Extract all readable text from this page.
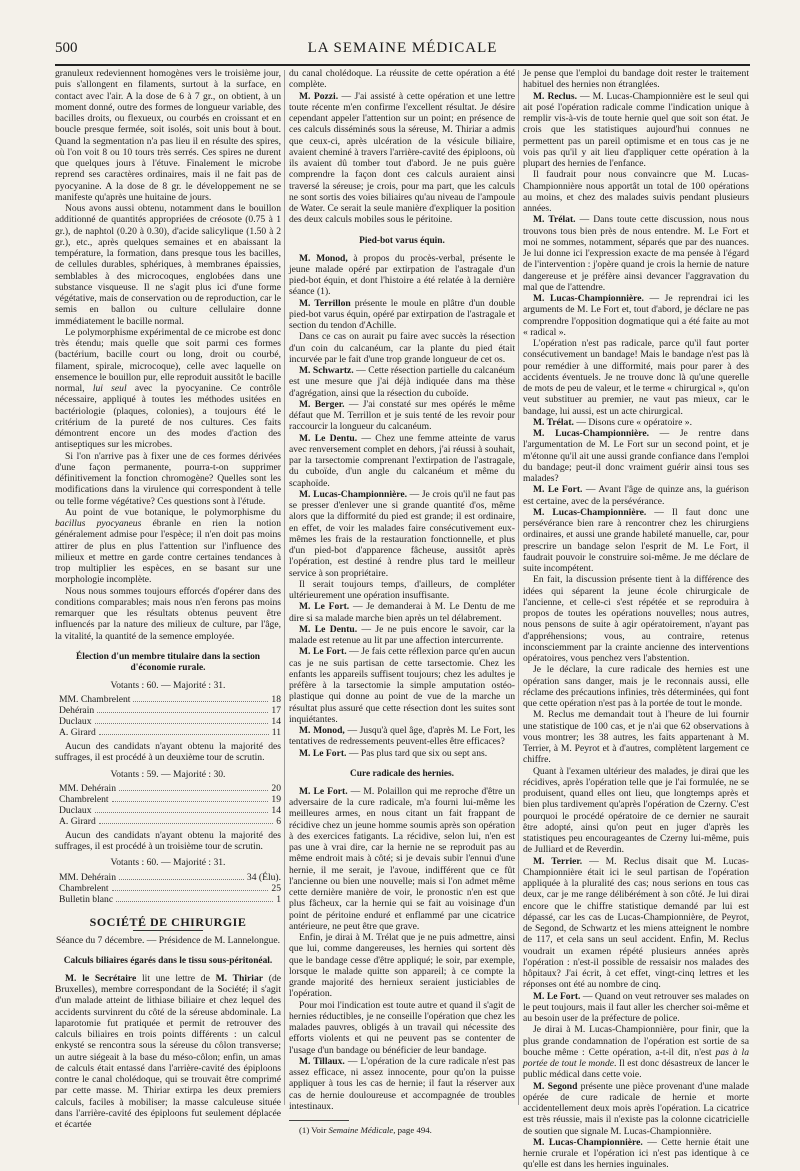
500	LA SEMAINE MÉDICALE

granuleux redeviennent homogènes vers le troisième jour, puis s'allongent en filaments, surtout à la surface, en contact avec l'air. A la dose de 6 à 7 gr., on obtient, à un moment donné, outre des formes de longueur variable, des bacilles droits, ou flexueux, ou courbés en croissant et en boucle presque fermée, soit isolés, soit unis bout à bout. Quand la segmentation n'a pas lieu il en résulte des spires, où l'on voit 8 ou 10 tours très serrés. Ces spires ne durent que quelques jours à l'étuve. Finalement le microbe reprend ses caractères ordinaires, mais il ne fait pas de pyocyanine. A la dose de 8 gr. le développement ne se manifeste qu'après une huitaine de jours.

Nous avons aussi obtenu, notamment dans le bouillon additionné de quantités appropriées de créosote (0.75 à 1 gr.), de naphtol (0.20 à 0.30), d'acide salicylique (1.50 à 2 gr.), etc., après quelques semaines et en abaissant la température, la formation, dans presque tous les bacilles, de cellules durables, sphériques, à membranes épaissies, semblables à des microcoques, englobées dans une substance visqueuse. Il ne s'agit plus ici d'une forme végétative, mais de conservation ou de reproduction, car le semis en ballon ou culture cellulaire donne immédiatement le bacille normal.

Le polymorphisme expérimental de ce microbe est donc très étendu; mais quelle que soit parmi ces formes (bactérium, bacille court ou long, droit ou courbé, filament, spirale, microcoque), celle avec laquelle on ensemence le bouillon pur, elle reproduit aussitôt le bacille normal, lui seul avec la pyocyanine. Ce contrôle nécessaire, appliqué à toutes les méthodes usitées en bactériologie (plaques, colonies), a toujours été le critérium de la pureté de nos cultures. Ces faits démontrent encore un des modes d'action des antiseptiques sur les microbes.

Si l'on n'arrive pas à fixer une de ces formes dérivées d'une façon permanente, pourra-t-on supprimer définitivement la fonction chromogène? Quelles sont les modifications dans la virulence qui correspondent à telle ou telle forme végétative? Ces questions sont à l'étude.

Au point de vue botanique, le polymorphisme du bacillus pyocyaneus ébranle en rien la notion généralement admise pour l'espèce; il n'en doit pas moins attirer de plus en plus l'attention sur l'influence des milieux et mettre en garde contre certaines tendances à trop multiplier les espèces, en se basant sur une morphologie incomplète.

Nous nous sommes toujours efforcés d'opérer dans des conditions comparables; mais nous n'en ferons pas moins remarquer que les résultats obtenus peuvent être influencés par la nature des milieux de culture, par l'âge, la vitalité, la quantité de la semence employée.

Élection d'un membre titulaire dans la section d'économie rurale.
Votants : 60. — Majorité : 31.
MM. Chambrelent	18
Dehérain	17
Duclaux	14
A. Girard	11

Aucun des candidats n'ayant obtenu la majorité des suffrages, il est procédé à un deuxième tour de scrutin.

Votants : 59. — Majorité : 30.
MM. Dehérain	20
Chambrelent	19
Duclaux	14
A. Girard	6

Aucun des candidats n'ayant obtenu la majorité des suffrages, il est procédé à un troisième tour de scrutin.

Votants : 60. — Majorité : 31.
MM. Dehérain	34 (Élu).
Chambrelent	25
Bulletin blanc	1
SOCIÉTÉ DE CHIRURGIE

Séance du 7 décembre. — Présidence de M. Lannelongue.

Calculs biliaires égarés dans le tissu sous-péritonéal.

M. le Secrétaire lit une lettre de M. Thiriar (de Bruxelles), membre correspondant de la Société; il s'agit d'un malade atteint de lithiase biliaire et chez lequel des accidents survinrent du côté de la séreuse abdominale. La laparotomie fut pratiquée et permit de retrouver des calculs biliaires en trois points différents : un calcul enkysté se rencontra sous la séreuse du côlon transverse; un autre siégeait à la base du méso-côlon; enfin, un amas de calculs était entassé dans l'arrière-cavité des épiploons contre le canal cholédoque, qui se trouvait être comprimé par cette masse. M. Thiriar extirpa les deux premiers calculs, faciles à mobiliser; la masse calculeuse située dans l'arrière-cavité des épiploons fut seulement déplacée et écartée

du canal cholédoque. La réussite de cette opération a été complète.

M. Pozzi. — J'ai assisté à cette opération et une lettre toute récente m'en confirme l'excellent résultat. Je désire cependant appeler l'attention sur un point; en présence de ces calculs disséminés sous la séreuse, M. Thiriar a admis que ceux-ci, après ulcération de la vésicule biliaire, avaient cheminé à travers l'arrière-cavité des épiploons, où ils avaient dû tomber tout d'abord. Je ne puis guère comprendre la façon dont ces calculs auraient ainsi traversé la séreuse; je crois, pour ma part, que les calculs ne sont sortis des voies biliaires qu'au niveau de l'ampoule de Water. Ce serait la seule manière d'expliquer la position des deux calculs mobiles sous le péritoine.

Pied-bot varus équin.

M. Monod, à propos du procès-verbal, présente le jeune malade opéré par extirpation de l'astragale d'un pied-bot équin, et dont l'histoire a été relatée à la dernière séance (1).

M. Terrillon présente le moule en plâtre d'un double pied-bot varus équin, opéré par extirpation de l'astragale et section du tendon d'Achille.

Dans ce cas on aurait pu faire avec succès la résection d'un coin du calcanéum, car la plante du pied était incurvée par le fait d'une trop grande longueur de cet os.

M. Schwartz. — Cette résection partielle du calcanéum est une mesure que j'ai déjà indiquée dans ma thèse d'agrégation, ainsi que la résection du cuboïde.

M. Berger. — J'ai constaté sur mes opérés le même défaut que M. Terrillon et je suis tenté de les revoir pour raccourcir la longueur du calcanéum.

M. Le Dentu. — Chez une femme atteinte de varus avec renversement complet en dehors, j'ai réussi à souhait, par la tarsectomie comprenant l'extirpation de l'astragale, du cuboïde, d'un angle du calcanéum et même du scaphoïde.

M. Lucas-Championnière. — Je crois qu'il ne faut pas se presser d'enlever une si grande quantité d'os, même alors que la difformité du pied est grande; il est ordinaire, en effet, de voir les malades faire consécutivement eux-mêmes les frais de la restauration fonctionnelle, et plus d'un pied-bot d'apparence fâcheuse, aussitôt après l'opération, est destiné à rendre plus tard le meilleur service à son propriétaire.

Il serait toujours temps, d'ailleurs, de compléter ultérieurement une opération insuffisante.

M. Le Fort. — Je demanderai à M. Le Dentu de me dire si sa malade marche bien après un tel délabrement.

M. Le Dentu. — Je ne puis encore le savoir, car la malade est retenue au lit par une affection intercurrente.

M. Le Fort. — Je fais cette réflexion parce qu'en aucun cas je ne suis partisan de cette tarsectomie. Chez les enfants les appareils suffisent toujours; chez les adultes je préfère à la tarsectomie la simple amputation ostéo-plastique qui donne au point de vue de la marche un résultat plus assuré que cette résection dont les suites sont inquiétantes.

M. Monod, — Jusqu'à quel âge, d'après M. Le Fort, les tentatives de redressements peuvent-elles être efficaces?

M. Le Fort. — Pas plus tard que six ou sept ans.

Cure radicale des hernies.

M. Le Fort. — M. Polaillon qui me reproche d'être un adversaire de la cure radicale, m'a fourni lui-même les meilleures armes, en nous citant un fait frappant de récidive chez un jeune homme soumis après son opération à des exercices fatigants. La récidive, selon lui, n'en est pas une à vrai dire, car la hernie ne se reproduit pas au même endroit mais à côté; si je devais subir l'ennui d'une hernie, il me serait, je l'avoue, indifférent que ce fût l'ancienne ou bien une nouvelle; mais si l'on admet même cette dernière manière de voir, le pronostic n'en est que plus fâcheux, car la hernie qui se fait au voisinage d'un point de péritoine enduré et enflammé par une cicatrice antérieure, ne peut être que grave.

Enfin, je dirai à M. Trélat que je ne puis admettre, ainsi que lui, comme dangereuses, les hernies qui sortent dès que le bandage cesse d'être appliqué; le soir, par exemple, lorsque le malade quitte son appareil; à ce compte la grande majorité des hernieux seraient justiciables de l'opération.

Pour moi l'indication est toute autre et quand il s'agit de hernies réductibles, je ne conseille l'opération que chez les malades pauvres, obligés à un travail qui nécessite des efforts violents et qui ne peuvent pas se contenter de l'usage d'un bandage ou bénéficier de leur bandage.

M. Tillaux. — L'opération de la cure radicale n'est pas assez efficace, ni assez innocente, pour qu'on la puisse appliquer à tous les cas de hernie; il faut la réserver aux cas de hernie douloureuse et accompagnée de troubles intestinaux.

(1) Voir Semaine Médicale, page 494.

Je pense que l'emploi du bandage doit rester le traitement habituel des hernies non étranglées.

M. Reclus. — M. Lucas-Championnière est le seul qui ait posé l'opération radicale comme l'indication unique à remplir vis-à-vis de toute hernie quel que soit son état. Je crois que les statistiques aujourd'hui connues ne permettent pas un pareil optimisme et en tous cas je ne vois pas qu'il y ait lieu d'appliquer cette opération à la plupart des hernies de l'enfance.

Il faudrait pour nous convaincre que M. Lucas-Championnière nous apportât un total de 100 opérations au moins, et chez des malades suivis pendant plusieurs années.

M. Trélat. — Dans toute cette discussion, nous nous trouvons tous bien près de nous entendre. M. Le Fort et moi ne sommes, notamment, séparés que par des nuances. Je lui donne ici l'expression exacte de ma pensée à l'égard de l'intervention : j'opère quand je crois la hernie de nature dangereuse et je préfère ainsi devancer l'aggravation du mal que de l'attendre.

M. Lucas-Championnière. — Je reprendrai ici les arguments de M. Le Fort et, tout d'abord, je déclare ne pas comprendre l'opposition dogmatique qui a été faite au mot « radical ».

L'opération n'est pas radicale, parce qu'il faut porter consécutivement un bandage! Mais le bandage n'est pas là pour remédier à une difformité, mais pour parer à des accidents éventuels. Je ne trouve donc là qu'une querelle de mots de peu de valeur, et le terme « chirurgical », qu'on veut substituer au premier, ne vaut pas mieux, car le bandage, lui aussi, est un acte chirurgical.

M. Trélat. — Disons cure « opératoire ».

M. Lucas-Championnière. — Je rentre dans l'argumentation de M. Le Fort sur un second point, et je m'étonne qu'il ait une aussi grande confiance dans l'emploi du bandage; peut-il donc vraiment guérir ainsi tous ses malades?

M. Le Fort. — Avant l'âge de quinze ans, la guérison est certaine, avec de la persévérance.

M. Lucas-Championnière. — Il faut donc une persévérance bien rare à rencontrer chez les chirurgiens ordinaires, et aussi une grande habileté manuelle, car, pour prescrire un bandage selon l'esprit de M. Le Fort, il faudrait pouvoir le construire soi-même. Je me déclare de suite incompétent.

En fait, la discussion présente tient à la différence des idées qui séparent la jeune école chirurgicale de l'ancienne, et celle-ci s'est répétée et se reproduira à propos de toutes les opérations nouvelles; nous autres, nous pensons de suite à agir opératoirement, n'ayant pas d'appréhensions; vous, au contraire, retenus inconsciemment par la crainte ancienne des interventions opératoires, vous penchez vers l'abstention.

Je le déclare, la cure radicale des hernies est une opération sans danger, mais je le reconnais aussi, elle réclame des précautions infinies, très déterminées, qui font que cette opération n'est pas à la portée de tout le monde.

M. Reclus me demandait tout à l'heure de lui fournir une statistique de 100 cas, et je n'ai que 62 observations à vous montrer; les 38 autres, les faits appartenant à M. Terrier, à M. Peyrot et à d'autres, complètent largement ce chiffre.

Quant à l'examen ultérieur des malades, je dirai que les récidives, après l'opération telle que je l'ai formulée, ne se produisent, quand elles ont lieu, que longtemps après et bien plus tardivement qu'après l'opération de Czerny. C'est pourquoi le procédé opératoire de ce dernier ne saurait être adopté, ainsi qu'on peut en juger d'après les statistiques peu encourageantes de Czerny lui-même, puis de Julliard et de Reverdin.

M. Terrier. — M. Reclus disait que M. Lucas-Championnière était ici le seul partisan de l'opération appliquée à la pluralité des cas; nous serions en tous cas deux, car je me range délibérément à son côté. Je lui dirai encore que le chiffre statistique demandé par lui est dépassé, car les cas de Lucas-Championnière, de Peyrot, de Segond, de Schwartz et les miens atteignent le nombre de 117, et cela sans un seul accident. Enfin, M. Reclus voudrait un examen répété plusieurs années après l'opération : n'est-il possible de ressaisir nos malades des hôpitaux? J'ai écrit, à cet effet, vingt-cinq lettres et les réponses ont été au nombre de cinq.

M. Le Fort. — Quand on veut retrouver ses malades on le peut toujours, mais il faut aller les chercher soi-même et au besoin user de la préfecture de police.

Je dirai à M. Lucas-Championnière, pour finir, que la plus grande condamnation de l'opération est sortie de sa bouche même : Cette opération, a-t-il dit, n'est pas à la portée de tout le monde. Il est donc désastreux de lancer le public médical dans cette voie.

M. Segond présente une pièce provenant d'une malade opérée de cure radicale de hernie et morte accidentellement deux mois après l'opération. La cicatrice est très réussie, mais il n'existe pas la colonne cicatricielle de soutien que signale M. Lucas-Championnière.

M. Lucas-Championnière. — Cette hernie était une hernie crurale et l'opération ici n'est pas identique à ce qu'elle est dans les hernies inguinales.
